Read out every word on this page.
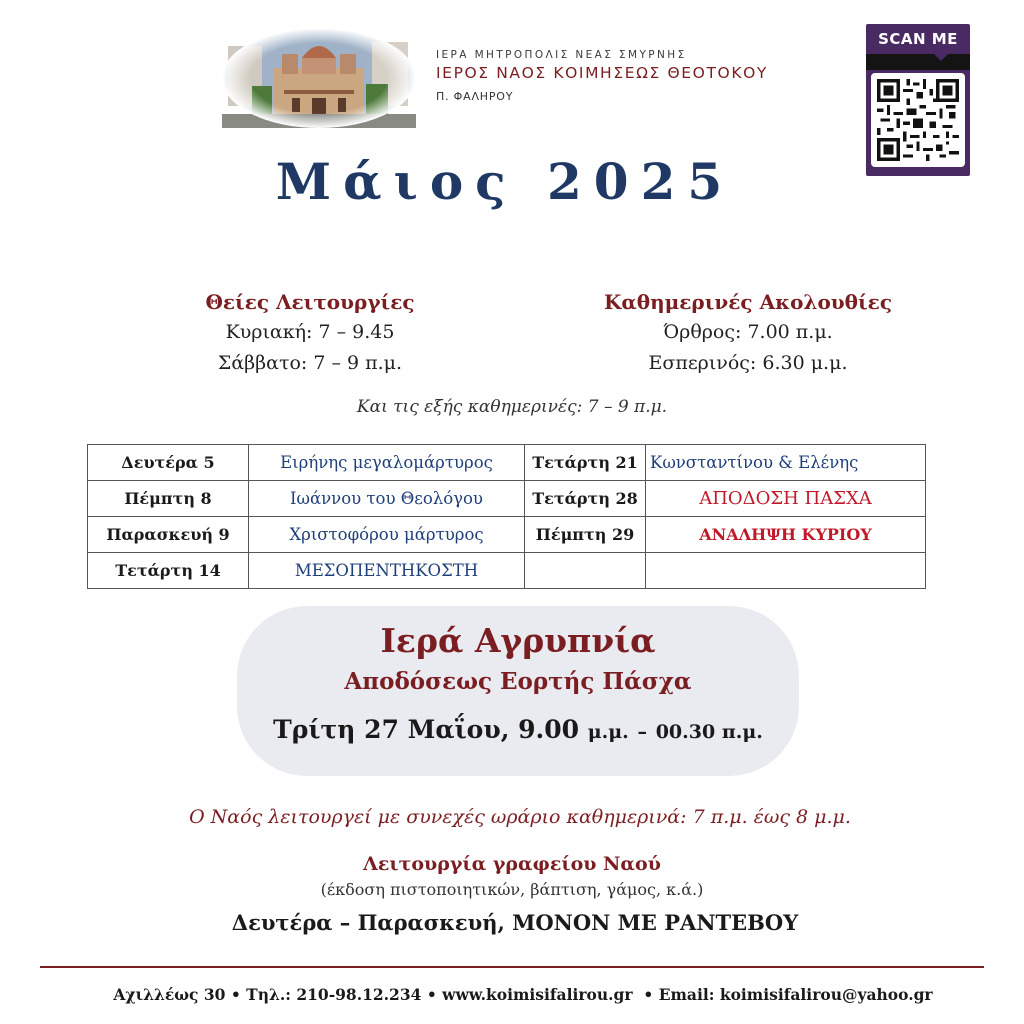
ΙΕΡΑ ΜΗΤΡΟΠΟΛΙΣ ΝΕΑΣ ΣΜΥΡΝΗΣ
ΙΕΡΟΣ ΝΑΟΣ ΚΟΙΜΗΣΕΩΣ ΘΕΟΤΟΚΟΥ
Π. ΦΑΛΗΡΟΥ
SCAN ME
Μάιος 2025
Θείες Λειτουργίες
Κυριακή: 7 – 9.45
Σάββατο: 7 – 9 π.μ.
Καθημερινές Ακολουθίες
Όρθρος: 7.00 π.μ.
Εσπερινός: 6.30 μ.μ.
Και τις εξής καθημερινές: 7 – 9 π.μ.
Δευτέρα 5	Ειρήνης μεγαλομάρτυρος	Τετάρτη 21	Κωνσταντίνου & Ελένης
Πέμπτη 8	Ιωάννου του Θεολόγου	Τετάρτη 28	ΑΠΟΔΟΣΗ ΠΑΣΧΑ
Παρασκευή 9	Χριστοφόρου μάρτυρος	Πέμπτη 29	ΑΝΑΛΗΨΗ ΚΥΡΙΟΥ
Τετάρτη 14	ΜΕΣΟΠΕΝΤΗΚΟΣΤΗ		
Ιερά Αγρυπνία
Αποδόσεως Εορτής Πάσχα
Τρίτη 27 Μαΐου, 9.00 μ.μ. – 00.30 π.μ.
Ο Ναός λειτουργεί με συνεχές ωράριο καθημερινά: 7 π.μ. έως 8 μ.μ.
Λειτουργία γραφείου Ναού
(έκδοση πιστοποιητικών, βάπτιση, γάμος, κ.ά.)
Δευτέρα – Παρασκευή, ΜΟΝΟΝ ΜΕ ΡΑΝΤΕΒΟΥ
Αχιλλέως 30 • Τηλ.: 210-98.12.234 • www.koimisifalirou.gr • Email: koimisifalirou@yahoo.gr
